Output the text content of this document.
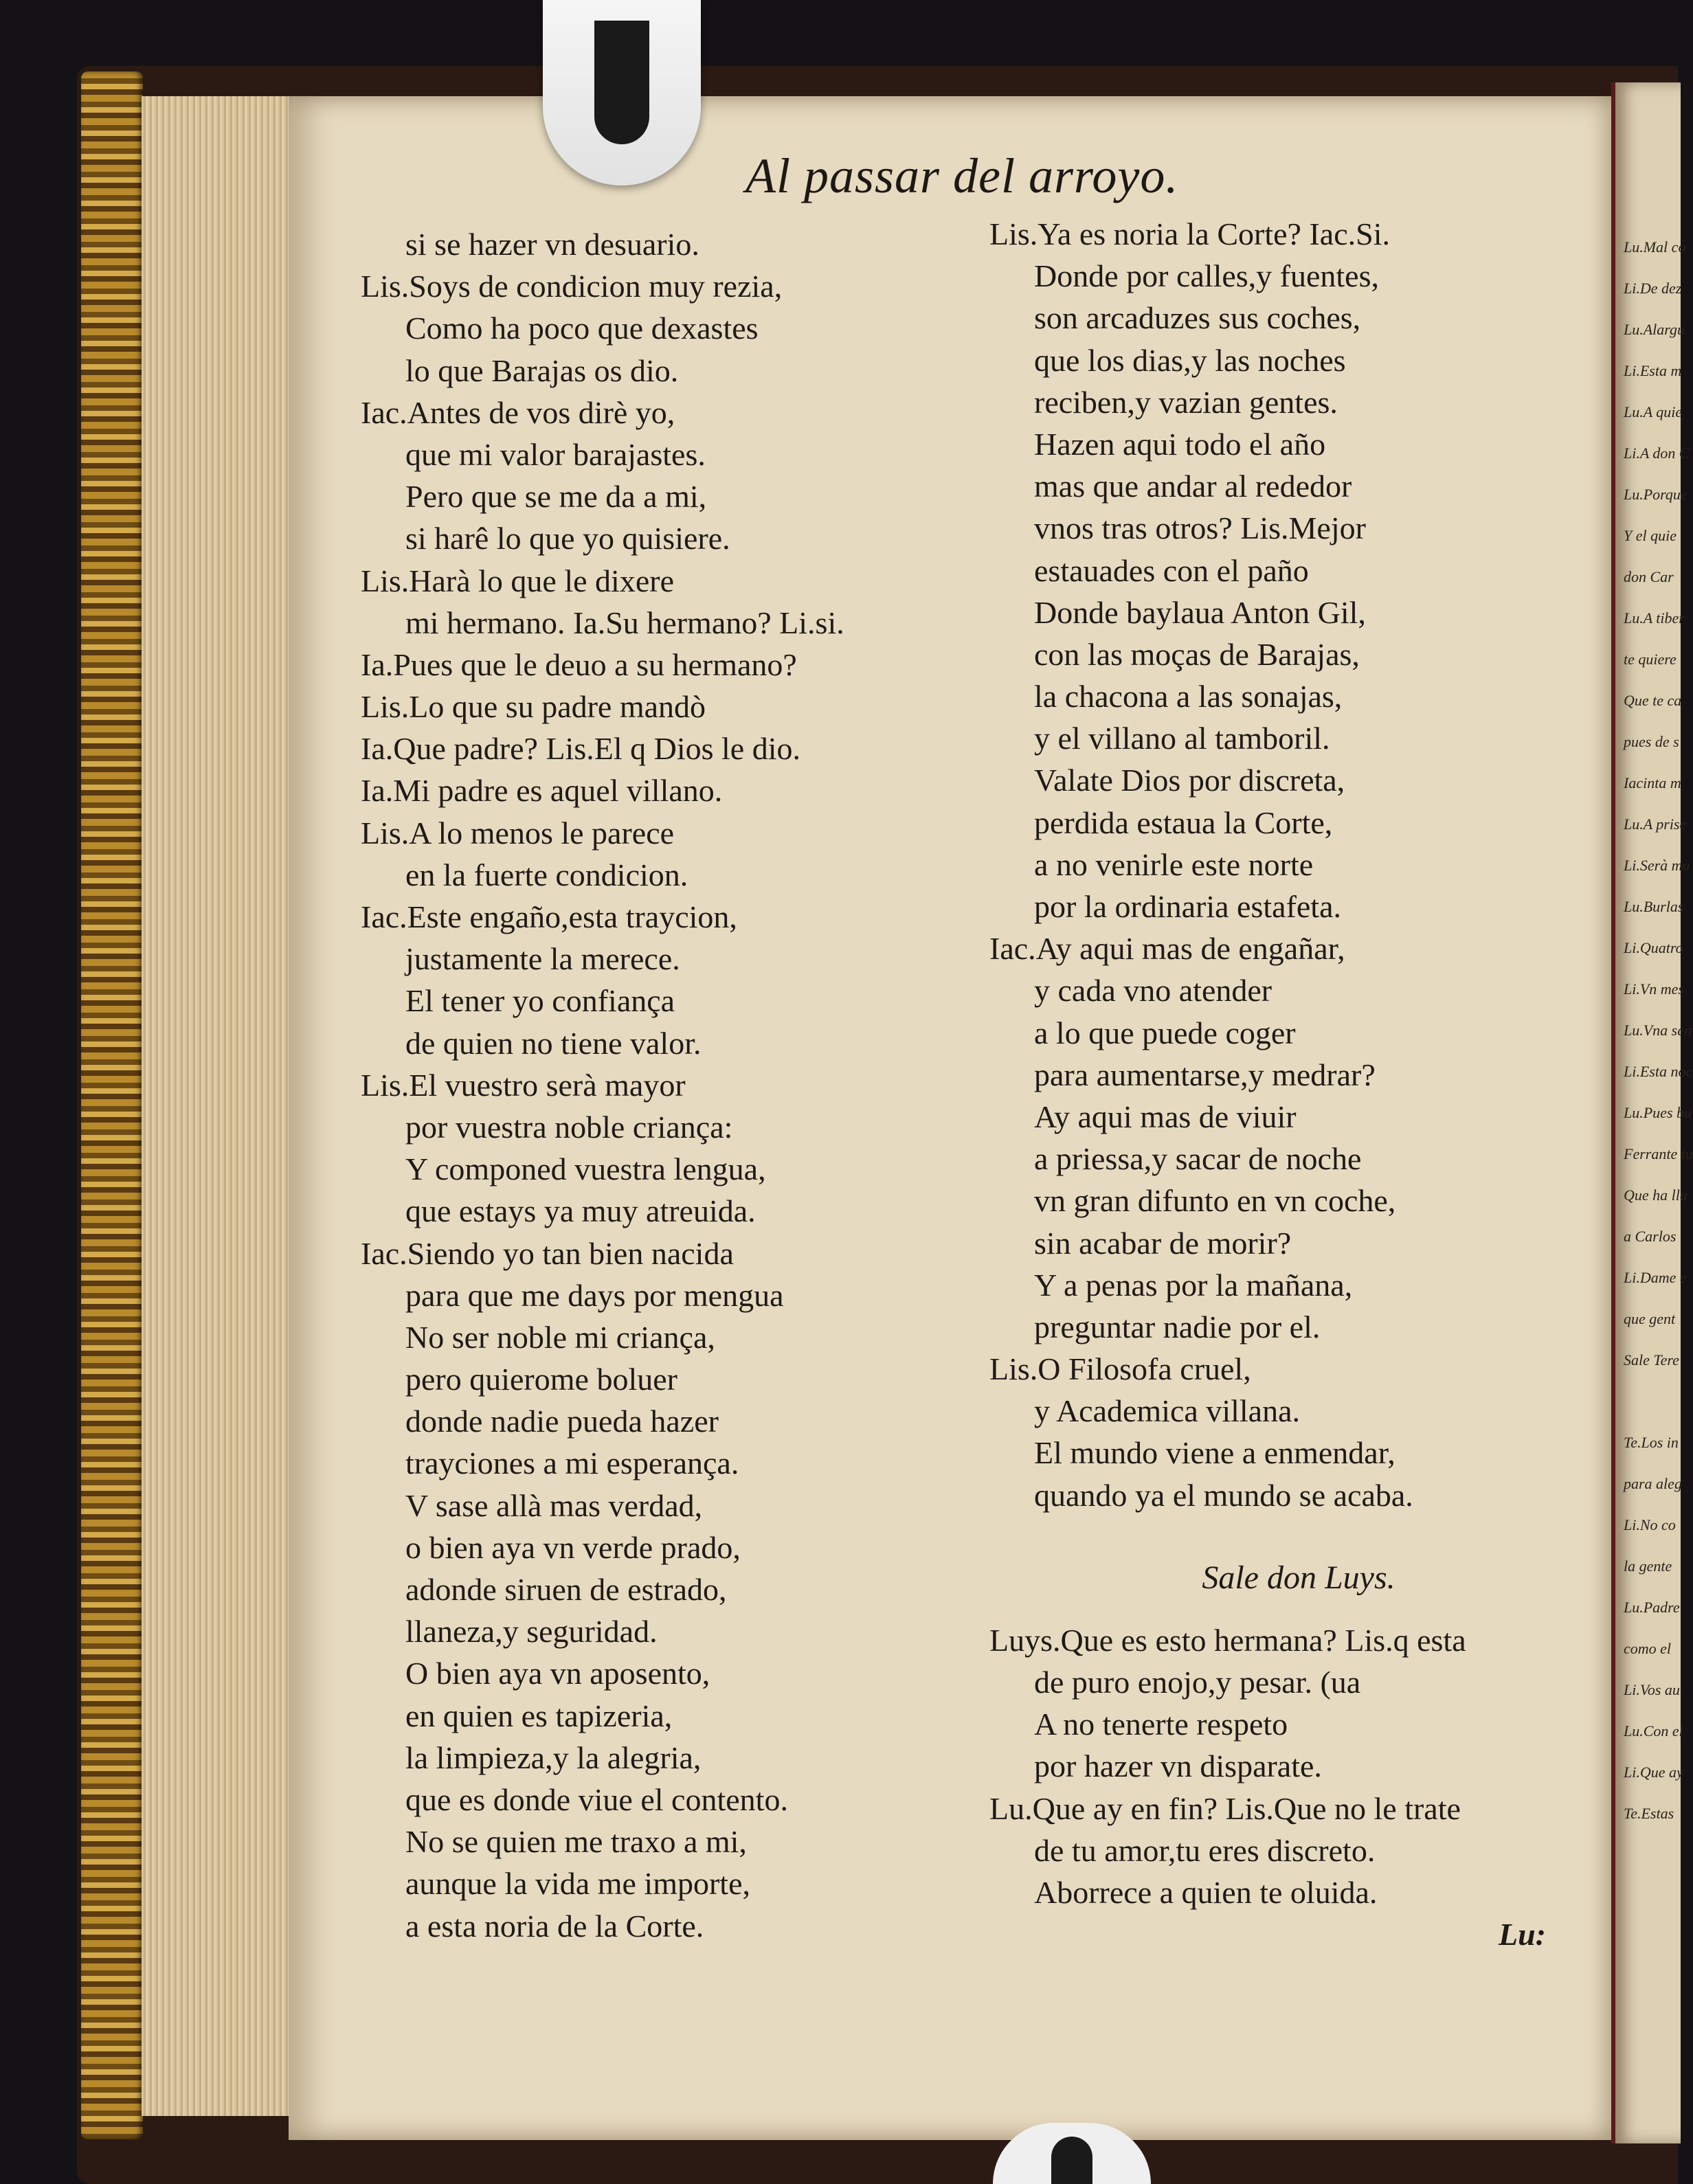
Lu.Mal co
Li.De dez
Lu.Alargu
Li.Esta m
Lu.A quie
Li.A don C
Lu.Porque
Y el quie
don Car
Lu.A tiber
te quiere
Que te ca
pues de s
Iacinta m
Lu.A prise
Li.Serà mu
Lu.Burlas
Li.Quatro
Li.Vn mes
Lu.Vna sen
Li.Esta noc
Lu.Pues bu
Ferrante tu
Que ha lla
a Carlos
Li.Dame e
que gent
Sale Tere
Te.Los in
para aleg
Li.No co
la gente
Lu.Padre
como el
Li.Vos au
Lu.Con el
Li.Que ay
Te.Estas
Al passar del arroyo.
si se hazer vn desuario.
Lis.Soys de condicion muy rezia,
Como ha poco que dexastes
lo que Barajas os dio.
Iac.Antes de vos dirè yo,
que mi valor barajastes.
Pero que se me da a mi,
si harê lo que yo quisiere.
Lis.Harà lo que le dixere
mi hermano. Ia.Su hermano? Li.si.
Ia.Pues que le deuo a su hermano?
Lis.Lo que su padre mandò
Ia.Que padre? Lis.El q Dios le dio.
Ia.Mi padre es aquel villano.
Lis.A lo menos le parece
en la fuerte condicion.
Iac.Este engaño,esta traycion,
justamente la merece.
El tener yo confiança
de quien no tiene valor.
Lis.El vuestro serà mayor
por vuestra noble criança:
Y componed vuestra lengua,
que estays ya muy atreuida.
Iac.Siendo yo tan bien nacida
para que me days por mengua
No ser noble mi criança,
pero quierome boluer
donde nadie pueda hazer
trayciones a mi esperança.
V sase allà mas verdad,
o bien aya vn verde prado,
adonde siruen de estrado,
llaneza,y seguridad.
O bien aya vn aposento,
en quien es tapizeria,
la limpieza,y la alegria,
que es donde viue el contento.
No se quien me traxo a mi,
aunque la vida me importe,
a esta noria de la Corte.
Lis.Ya es noria la Corte? Iac.Si.
Donde por calles,y fuentes,
son arcaduzes sus coches,
que los dias,y las noches
reciben,y vazian gentes.
Hazen aqui todo el año
mas que andar al rededor
vnos tras otros? Lis.Mejor
estauades con el paño
Donde baylaua Anton Gil,
con las moças de Barajas,
la chacona a las sonajas,
y el villano al tamboril.
Valate Dios por discreta,
perdida estaua la Corte,
a no venirle este norte
por la ordinaria estafeta.
Iac.Ay aqui mas de engañar,
y cada vno atender
a lo que puede coger
para aumentarse,y medrar?
Ay aqui mas de viuir
a priessa,y sacar de noche
vn gran difunto en vn coche,
sin acabar de morir?
Y a penas por la mañana,
preguntar nadie por el.
Lis.O Filosofa cruel,
y Academica villana.
El mundo viene a enmendar,
quando ya el mundo se acaba.
Sale don Luys.
Luys.Que es esto hermana? Lis.q esta
de puro enojo,y pesar. (ua
A no tenerte respeto
por hazer vn disparate.
Lu.Que ay en fin? Lis.Que no le trate
de tu amor,tu eres discreto.
Aborrece a quien te oluida.
Lu:
